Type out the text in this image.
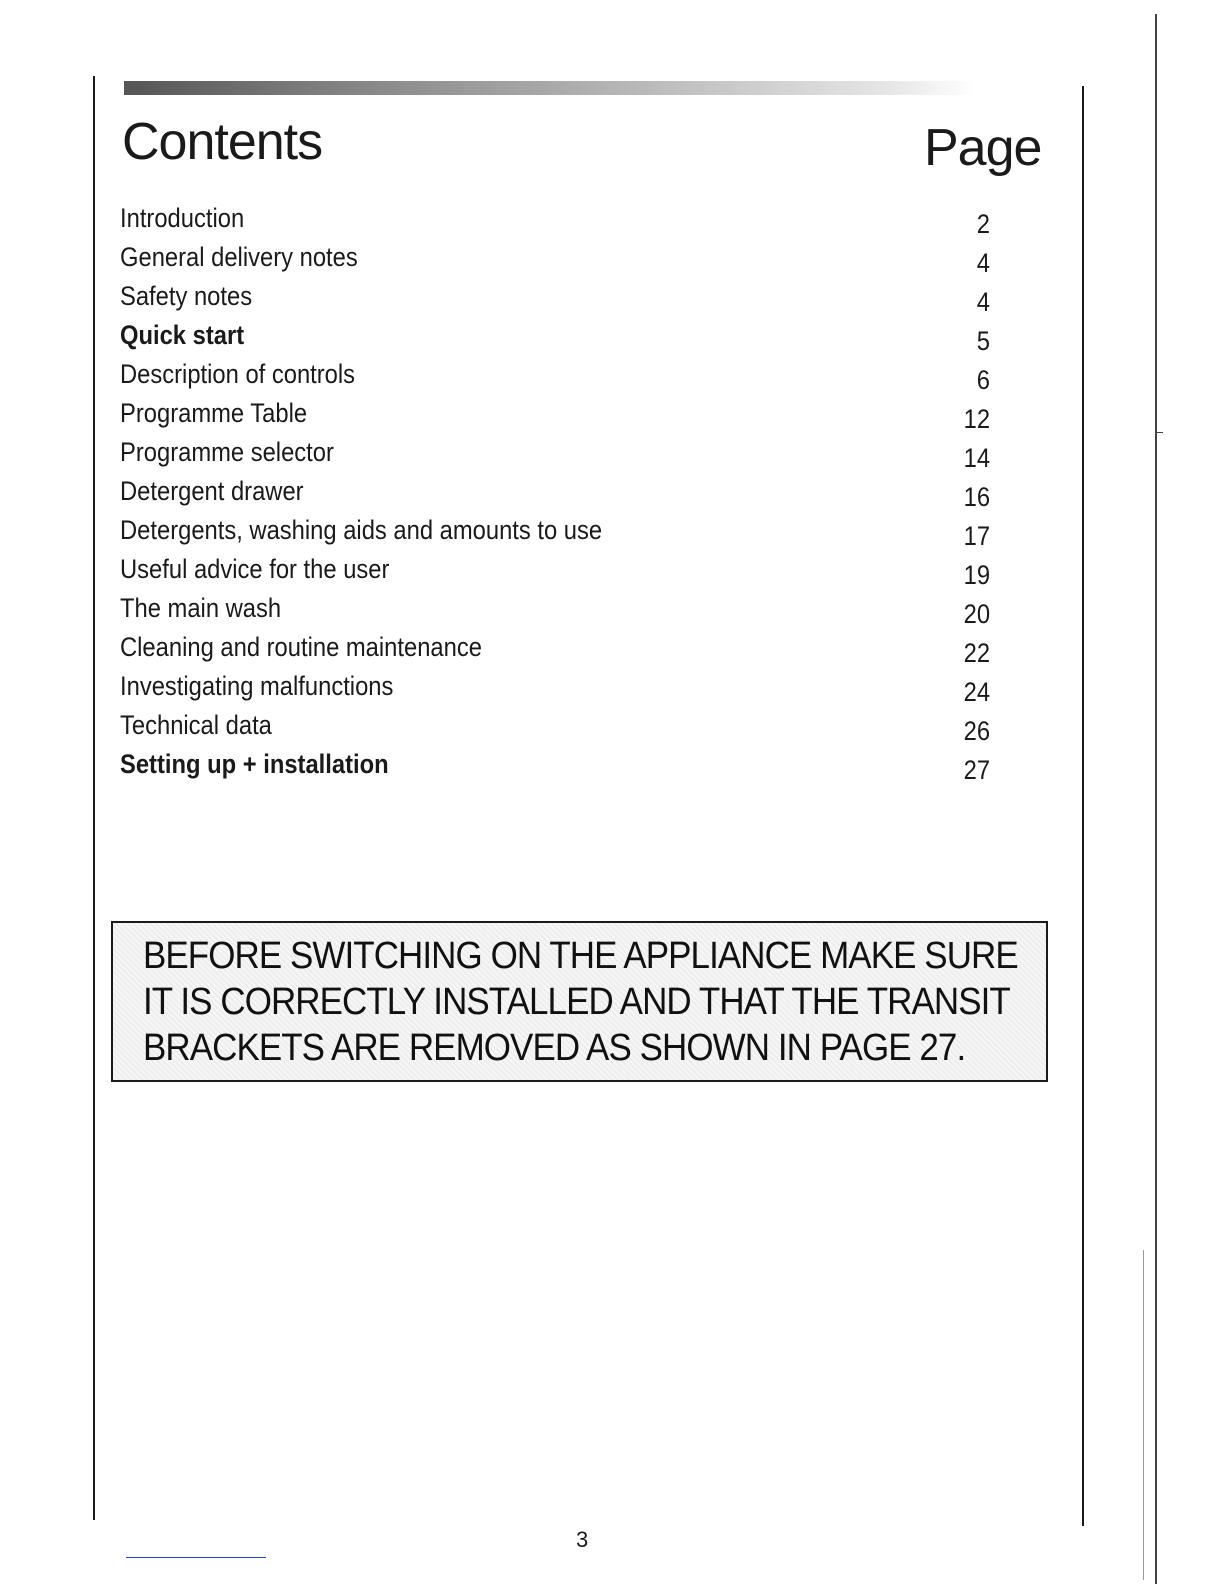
Contents	Page
Introduction	2
General delivery notes	4
Safety notes	4
Quick start	5
Description of controls	6
Programme Table	12
Programme selector	14
Detergent drawer	16
Detergents, washing aids and amounts to use	17
Useful advice for the user	19
The main wash	20
Cleaning and routine maintenance	22
Investigating malfunctions	24
Technical data	26
Setting up + installation	27
BEFORE SWITCHING ON THE APPLIANCE MAKE SURE
IT IS CORRECTLY INSTALLED AND THAT THE TRANSIT
BRACKETS ARE REMOVED AS SHOWN IN PAGE 27.
3
